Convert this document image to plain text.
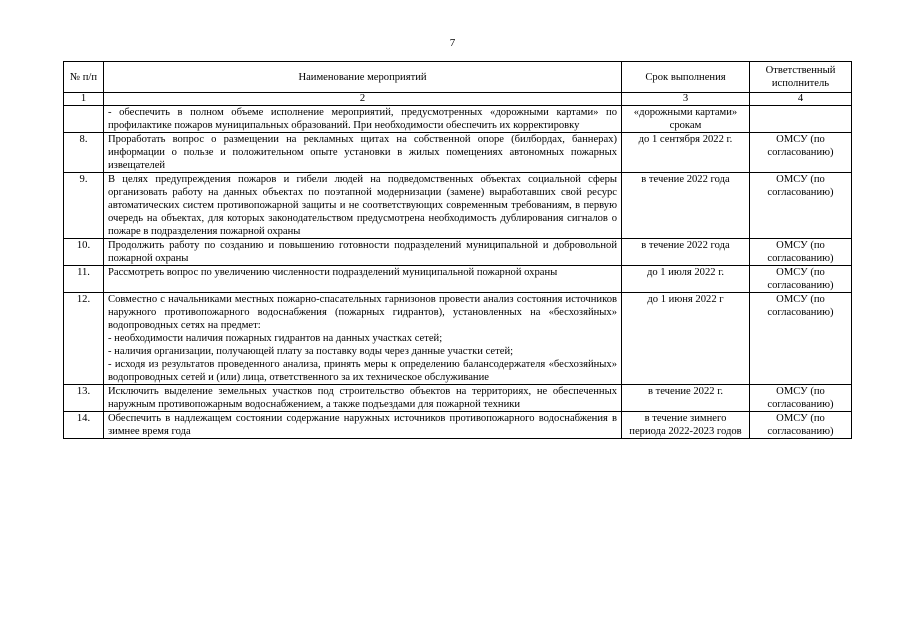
7
№ п/п	Наименование мероприятий	Срок выполнения	Ответственный исполнитель
1	2	3	4

	- обеспечить в полном объеме исполнение мероприятий, предусмотренных «дорожными картами» по профилактике пожаров муниципальных образований. При необходимости обеспечить их корректировку	«дорожными картами» срокам	
8.	Проработать вопрос о размещении на рекламных щитах на собственной опоре (билбордах, баннерах) информации о пользе и положительном опыте установки в жилых помещениях автономных пожарных извещателей	до 1 сентября 2022 г.	ОМСУ (по согласованию)
9.	В целях предупреждения пожаров и гибели людей на подведомственных объектах социальной сферы организовать работу на данных объектах по поэтапной модернизации (замене) выработавших свой ресурс автоматических систем противопожарной защиты и не соответствующих современным требованиям, в первую очередь на объектах, для которых законодательством предусмотрена необходимость дублирования сигналов о пожаре в подразделения пожарной охраны	в течение 2022 года	ОМСУ (по согласованию)
10.	Продолжить работу по созданию и повышению готовности подразделений муниципальной и добровольной пожарной охраны	в течение 2022 года	ОМСУ (по согласованию)
11.	Рассмотреть вопрос по увеличению численности подразделений муниципальной пожарной охраны	до 1 июля 2022 г.	ОМСУ (по согласованию)
12.	Совместно с начальниками местных пожарно-спасательных гарнизонов провести анализ состояния источников наружного противопожарного водоснабжения (пожарных гидрантов), установленных на «бесхозяйных» водопроводных сетях на предмет:
- необходимости наличия пожарных гидрантов на данных участках сетей;
- наличия организации, получающей плату за поставку воды через данные участки сетей;
- исходя из результатов проведенного анализа, принять меры к определению балансодержателя «бесхозяйных» водопроводных сетей и (или) лица, ответственного за их техническое обслуживание	до 1 июня 2022 г	ОМСУ (по согласованию)
13.	Исключить выделение земельных участков под строительство объектов на территориях, не обеспеченных наружным противопожарным водоснабжением, а также подъездами для пожарной техники	в течение 2022 г.	ОМСУ (по согласованию)
14.	Обеспечить в надлежащем состоянии содержание наружных источников противопожарного водоснабжения в зимнее время года	в течение зимнего периода 2022-2023 годов	ОМСУ (по согласованию)
